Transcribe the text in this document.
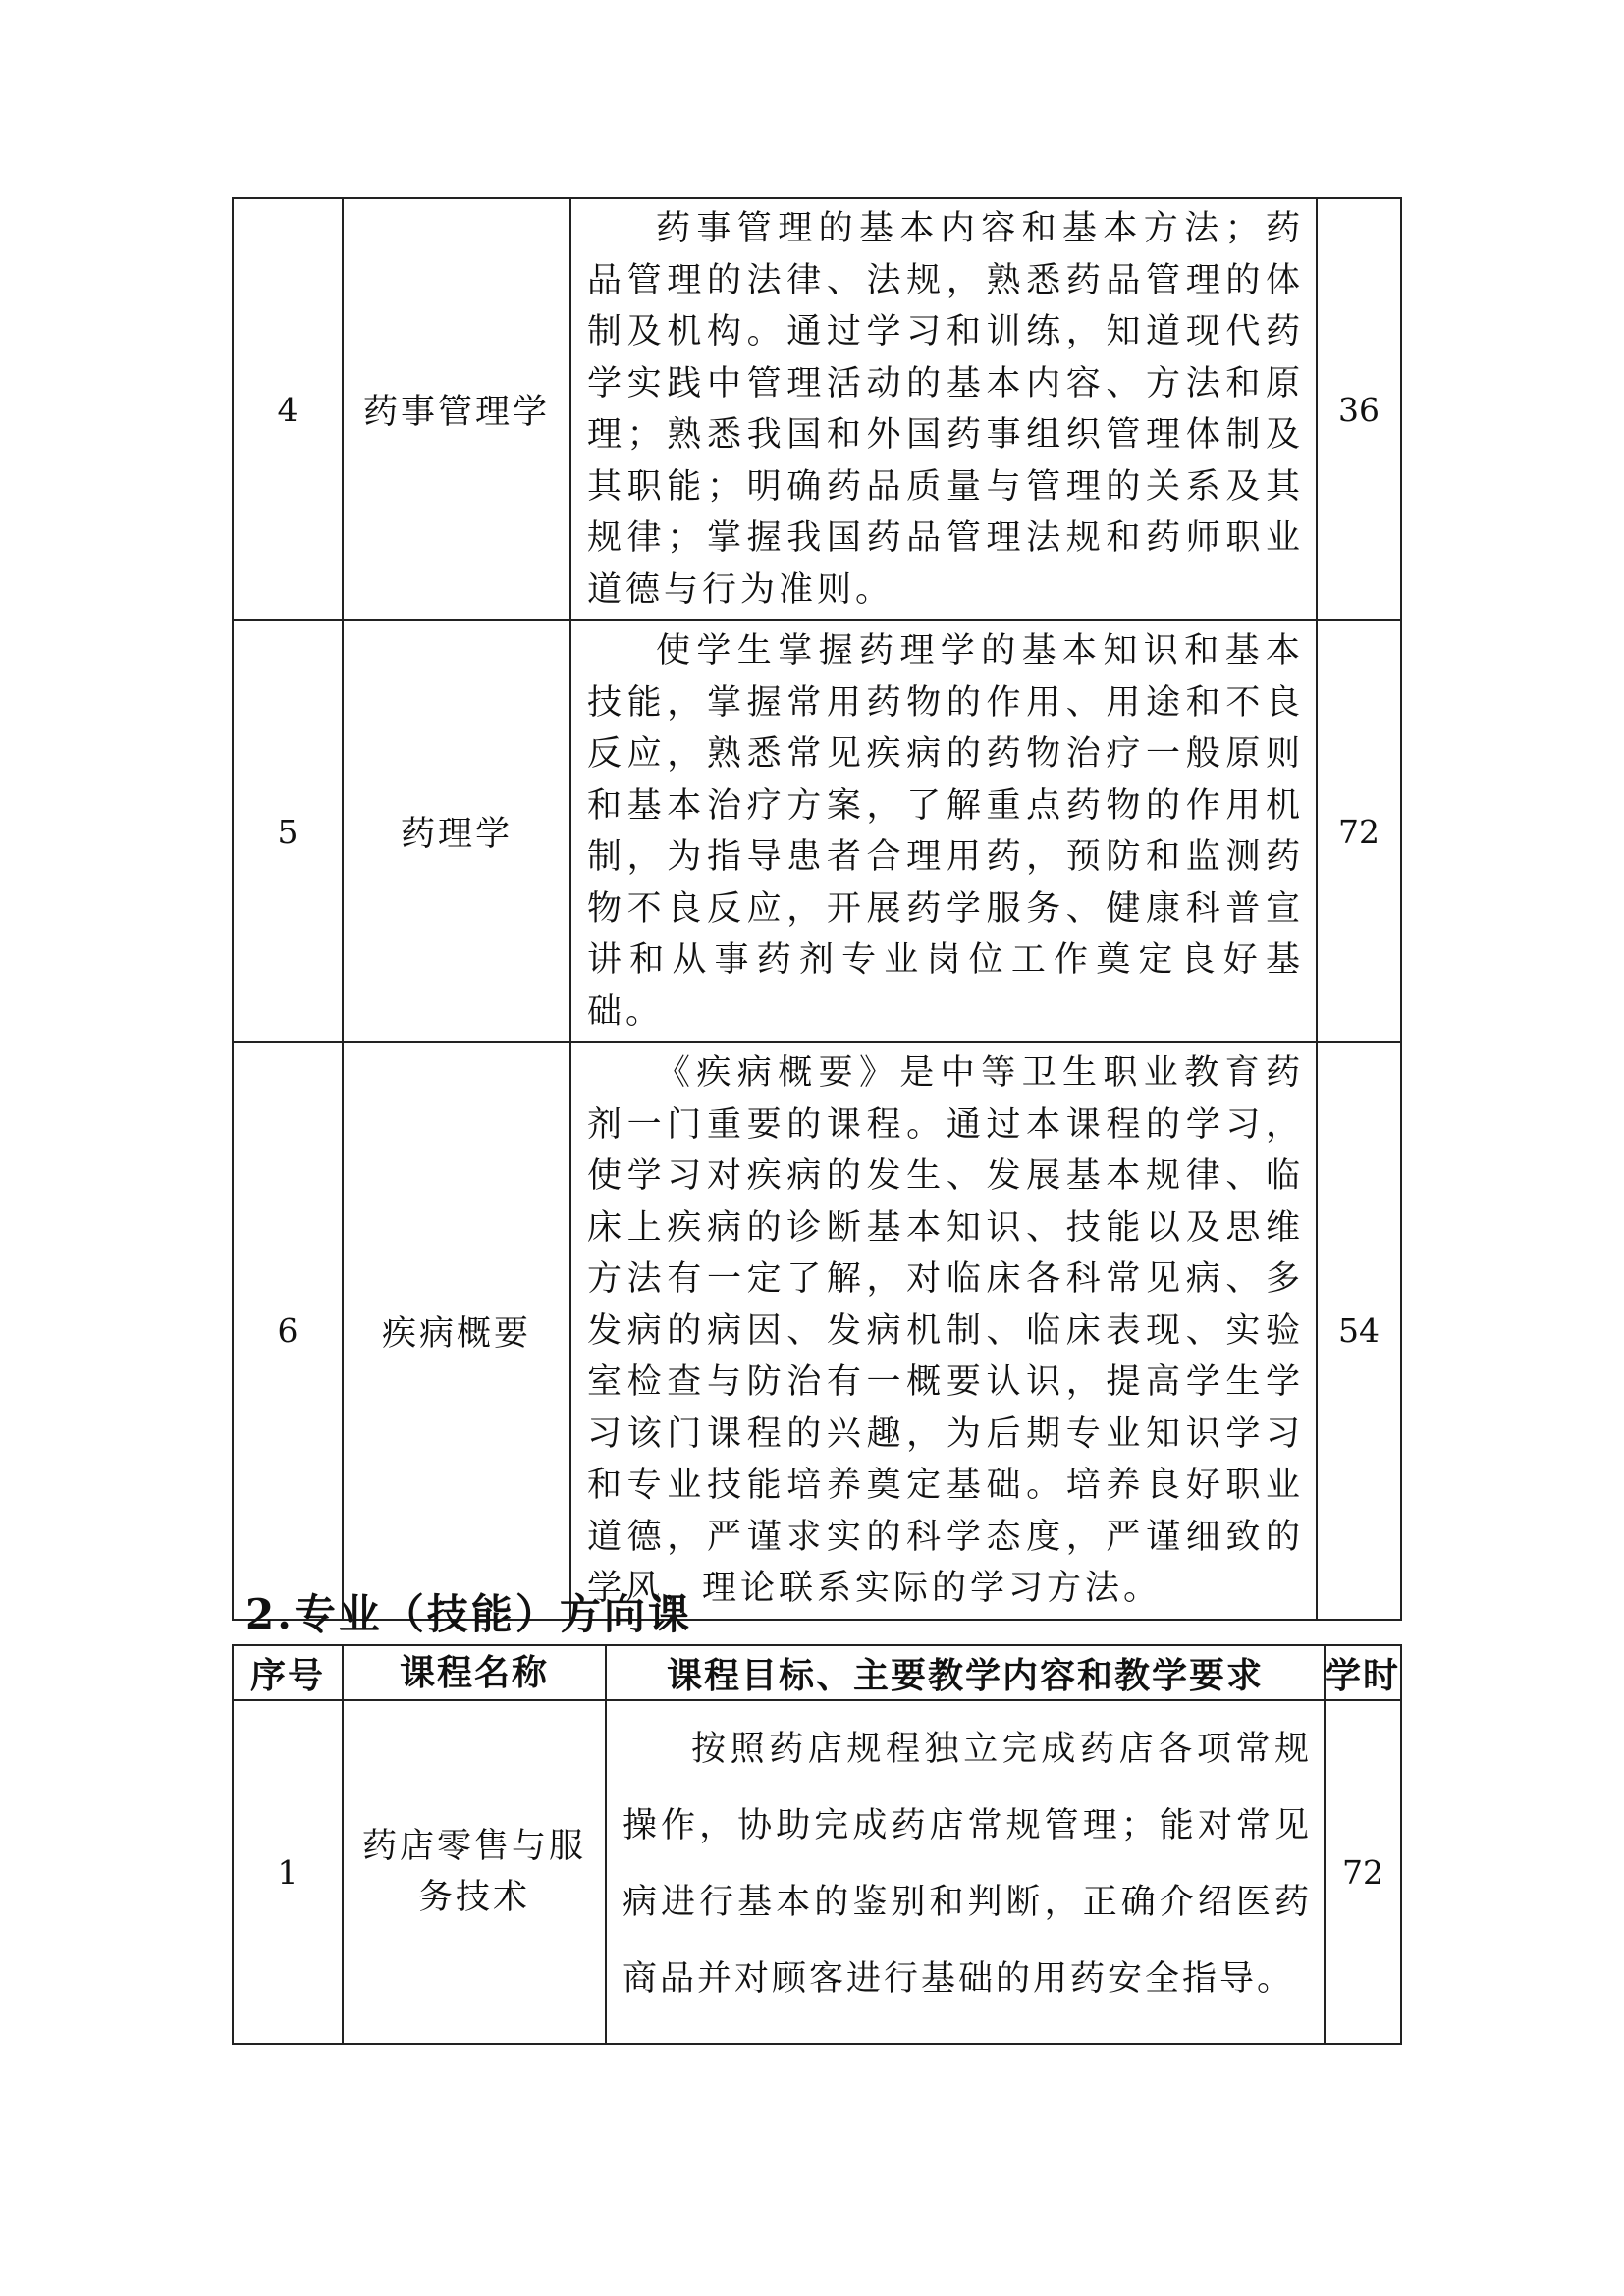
4	药事管理学	药事管理的基本内容和基本方法；药品管理的法律、法规，熟悉药品管理的体制及机构。通过学习和训练，知道现代药学实践中管理活动的基本内容、方法和原理；熟悉我国和外国药事组织管理体制及其职能；明确药品质量与管理的关系及其规律；掌握我国药品管理法规和药师职业道德与行为准则。	36
5	药理学	使学生掌握药理学的基本知识和基本技能，掌握常用药物的作用、用途和不良反应，熟悉常见疾病的药物治疗一般原则和基本治疗方案，了解重点药物的作用机制，为指导患者合理用药，预防和监测药物不良反应，开展药学服务、健康科普宣讲和从事药剂专业岗位工作奠定良好基础。	72
6	疾病概要	《疾病概要》是中等卫生职业教育药剂一门重要的课程。通过本课程的学习，使学习对疾病的发生、发展基本规律、临床上疾病的诊断基本知识、技能以及思维方法有一定了解，对临床各科常见病、多发病的病因、发病机制、临床表现、实验室检查与防治有一概要认识，提高学生学习该门课程的兴趣，为后期专业知识学习和专业技能培养奠定基础。培养良好职业道德，严谨求实的科学态度，严谨细致的学风，理论联系实际的学习方法。	54
2.专业（技能）方向课
序号	课程名称	课程目标、主要教学内容和教学要求	学时
1	药店零售与服务技术	按照药店规程独立完成药店各项常规操作，协助完成药店常规管理；能对常见病进行基本的鉴别和判断，正确介绍医药商品并对顾客进行基础的用药安全指导。	72
